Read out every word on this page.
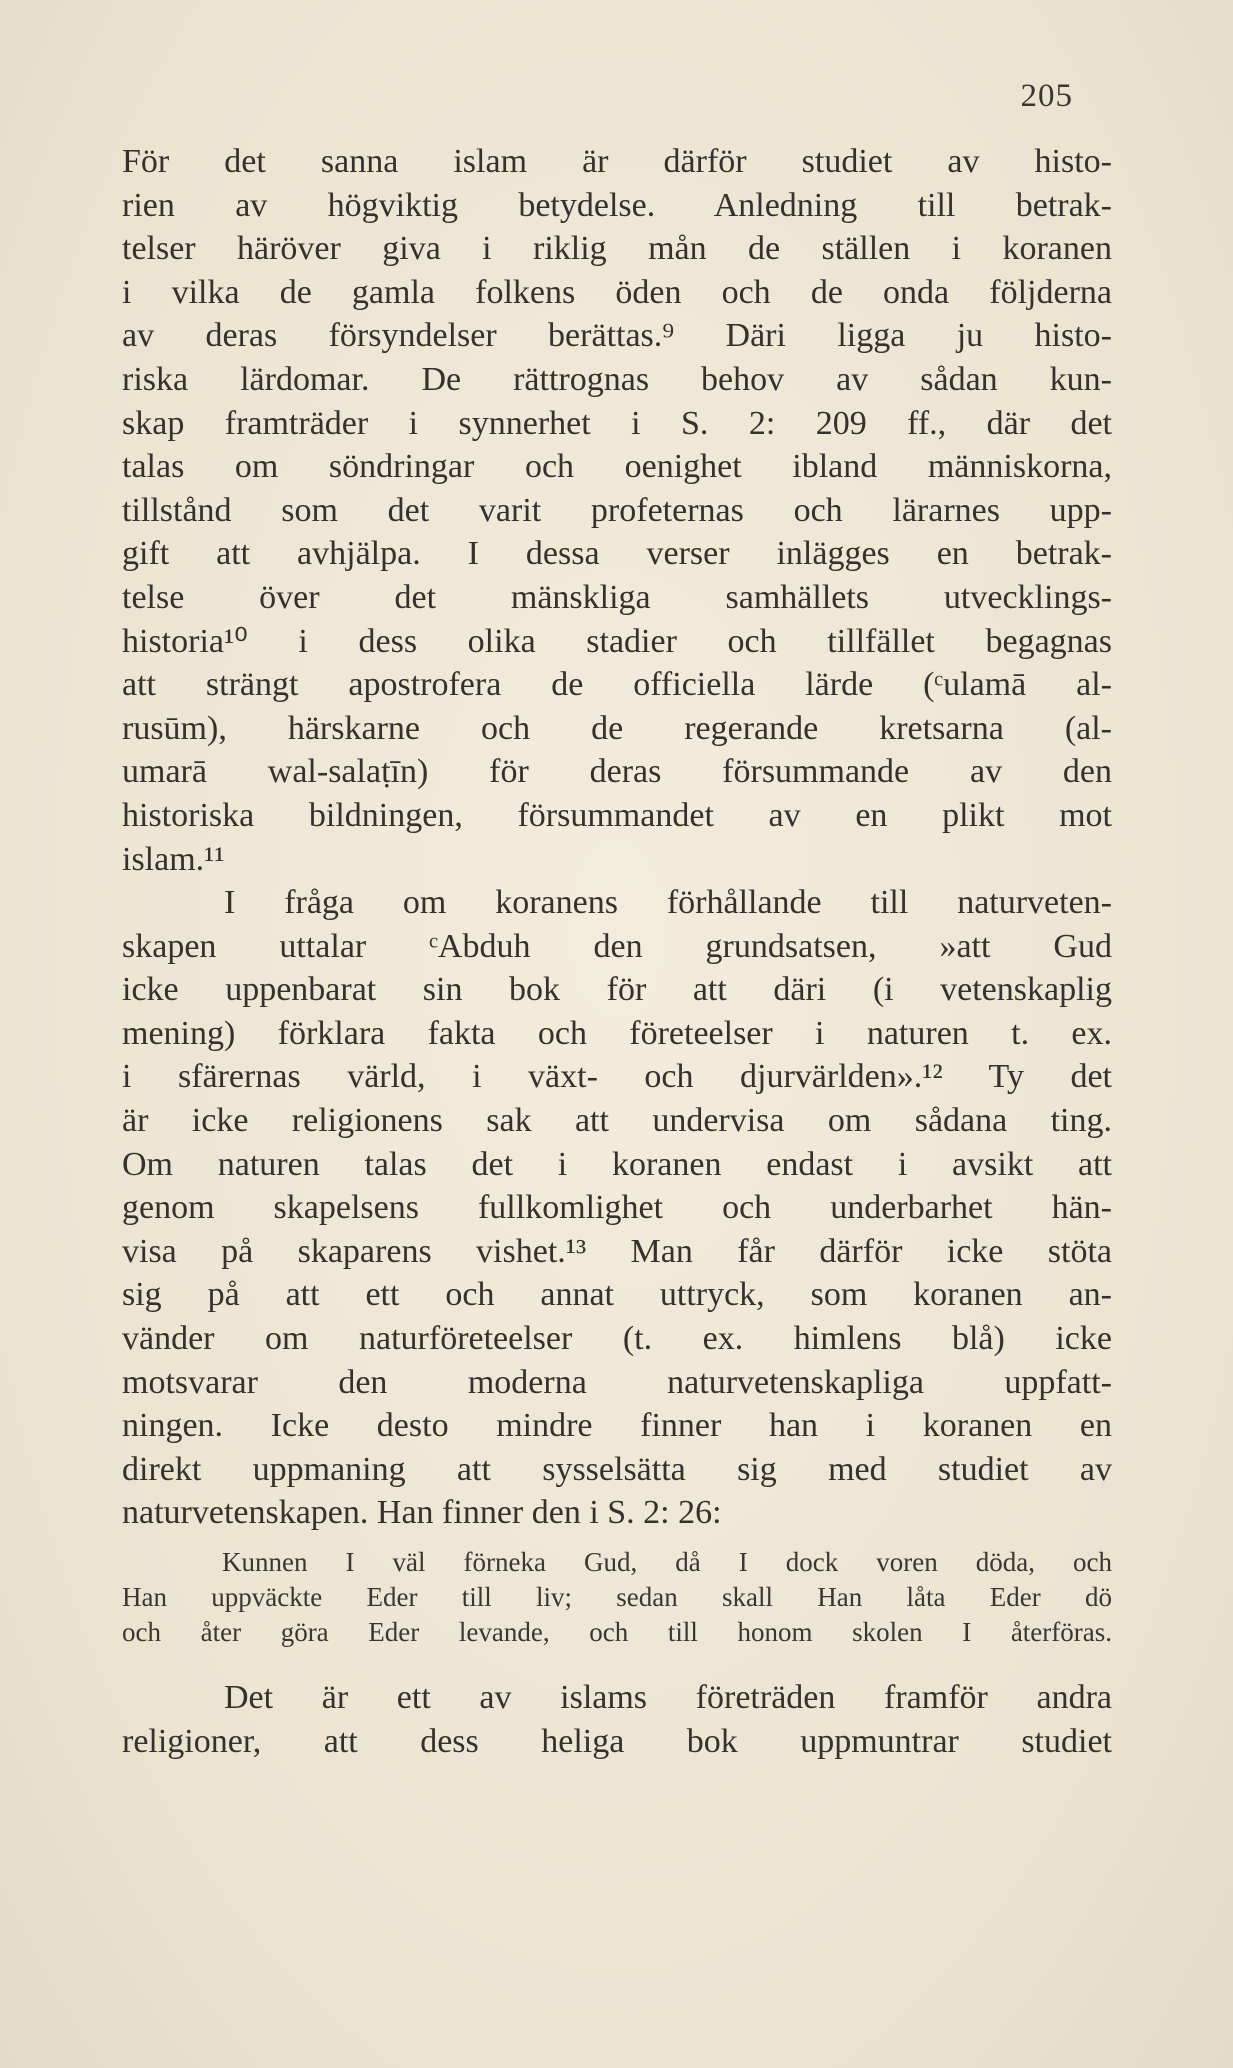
205
För det sanna islam är därför studiet av histo-
rien av högviktig betydelse. Anledning till betrak-
telser häröver giva i riklig mån de ställen i koranen
i vilka de gamla folkens öden och de onda följderna
av deras försyndelser berättas.⁹ Däri ligga ju histo-
riska lärdomar. De rättrognas behov av sådan kun-
skap framträder i synnerhet i S. 2: 209 ff., där det
talas om söndringar och oenighet ibland människorna,
tillstånd som det varit profeternas och lärarnes upp-
gift att avhjälpa. I dessa verser inlägges en betrak-
telse över det mänskliga samhällets utvecklings-
historia¹⁰ i dess olika stadier och tillfället begagnas
att strängt apostrofera de officiella lärde (ᶜulamā al-
rusūm), härskarne och de regerande kretsarna (al-
umarā wal-salaṭīn) för deras försummande av den
historiska bildningen, försummandet av en plikt mot
islam.¹¹
I fråga om koranens förhållande till naturveten-
skapen uttalar ᶜAbduh den grundsatsen, »att Gud
icke uppenbarat sin bok för att däri (i vetenskaplig
mening) förklara fakta och företeelser i naturen t. ex.
i sfärernas värld, i växt- och djurvärlden».¹² Ty det
är icke religionens sak att undervisa om sådana ting.
Om naturen talas det i koranen endast i avsikt att
genom skapelsens fullkomlighet och underbarhet hän-
visa på skaparens vishet.¹³ Man får därför icke stöta
sig på att ett och annat uttryck, som koranen an-
vänder om naturföreteelser (t. ex. himlens blå) icke
motsvarar den moderna naturvetenskapliga uppfatt-
ningen. Icke desto mindre finner han i koranen en
direkt uppmaning att sysselsätta sig med studiet av
naturvetenskapen. Han finner den i S. 2: 26:
Kunnen I väl förneka Gud, då I dock voren döda, och
Han uppväckte Eder till liv; sedan skall Han låta Eder dö
och åter göra Eder levande, och till honom skolen I återföras.
Det är ett av islams företräden framför andra
religioner, att dess heliga bok uppmuntrar studiet
